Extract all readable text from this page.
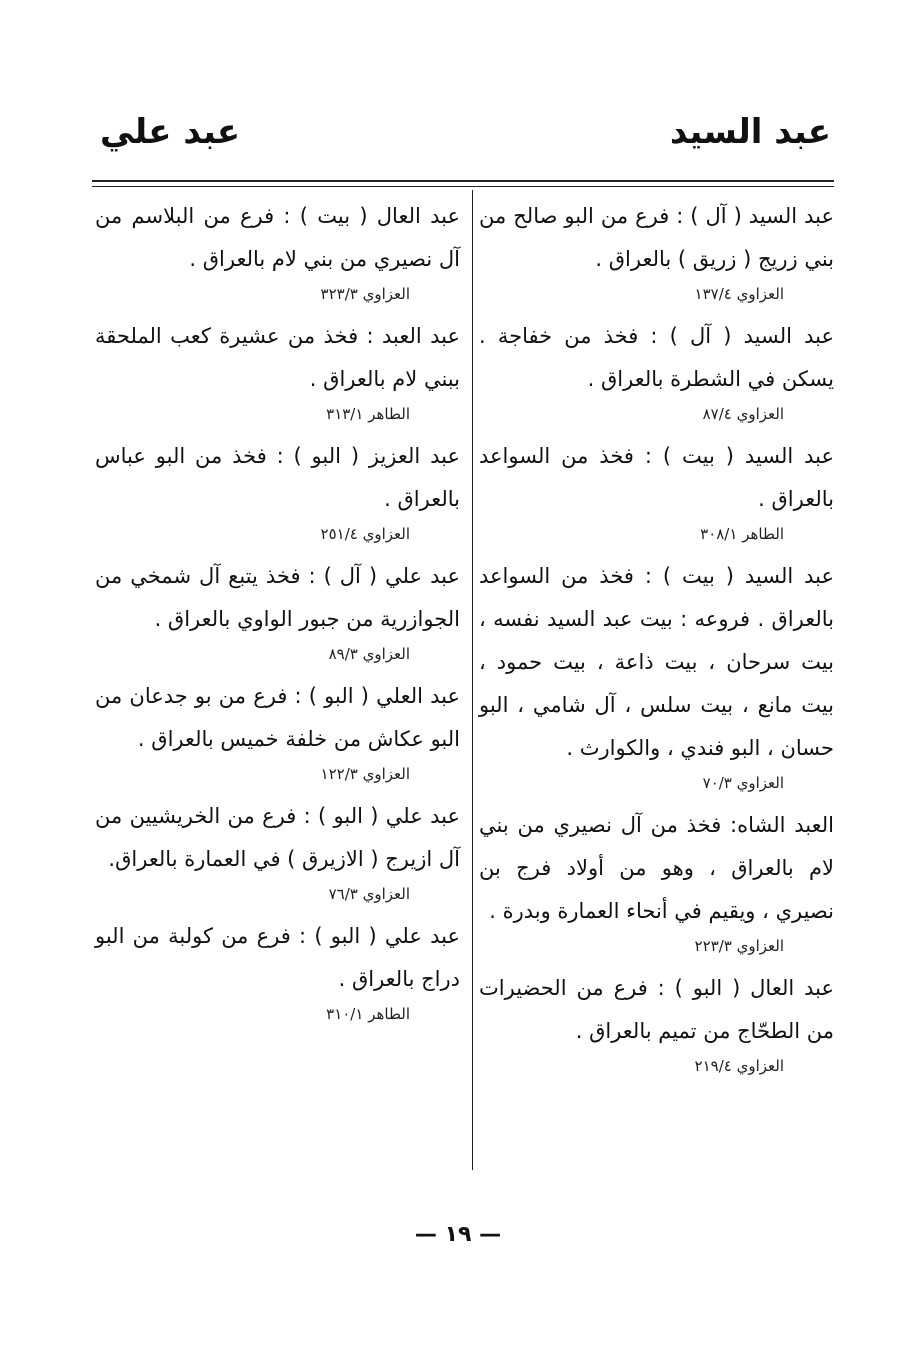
عبد السيد
عبد علي
عبد السيد ( آل ) : فرع من البو صالح من بني زريج ( زريق ) بالعراق .
العزاوي ١٣٧/٤
عبد السيد ( آل ) : فخذ من خفاجة . يسكن في الشطرة بالعراق .
العزاوي ٨٧/٤
عبد السيد ( بيت ) : فخذ من السواعد بالعراق .
الطاهر ٣٠٨/١
عبد السيد ( بيت ) : فخذ من السواعد بالعراق . فروعه : بيت عبد السيد نفسه ، بيت سرحان ، بيت ذاعة ، بيت حمود ، بيت مانع ، بيت سلس ، آل شامي ، البو حسان ، البو فندي ، والكوارث .
العزاوي ٧٠/٣
العبد الشاه: فخذ من آل نصيري من بني لام بالعراق ، وهو من أولاد فرج بن نصيري ، ويقيم في أنحاء العمارة وبدرة .
العزاوي ٢٢٣/٣
عبد العال ( البو ) : فرع من الحضيرات من الطحّاج من تميم بالعراق .
العزاوي ٢١٩/٤
عبد العال ( بيت ) : فرع من البلاسم من آل نصيري من بني لام بالعراق .
العزاوي ٣٢٣/٣
عبد العبد : فخذ من عشيرة كعب الملحقة ببني لام بالعراق .
الطاهر ٣١٣/١
عبد العزيز ( البو ) : فخذ من البو عباس بالعراق .
العزاوي ٢٥١/٤
عبد علي ( آل ) : فخذ يتبع آل شمخي من الجوازرية من جبور الواوي بالعراق .
العزاوي ٨٩/٣
عبد العلي ( البو ) : فرع من بو جدعان من البو عكاش من خلفة خميس بالعراق .
العزاوي ١٢٢/٣
عبد علي ( البو ) : فرع من الخريشيين من آل ازيرج ( الازيرق ) في العمارة بالعراق.
العزاوي ٧٦/٣
عبد علي ( البو ) : فرع من كولبة من البو دراج بالعراق .
الطاهر ٣١٠/١
— ١٩ —
